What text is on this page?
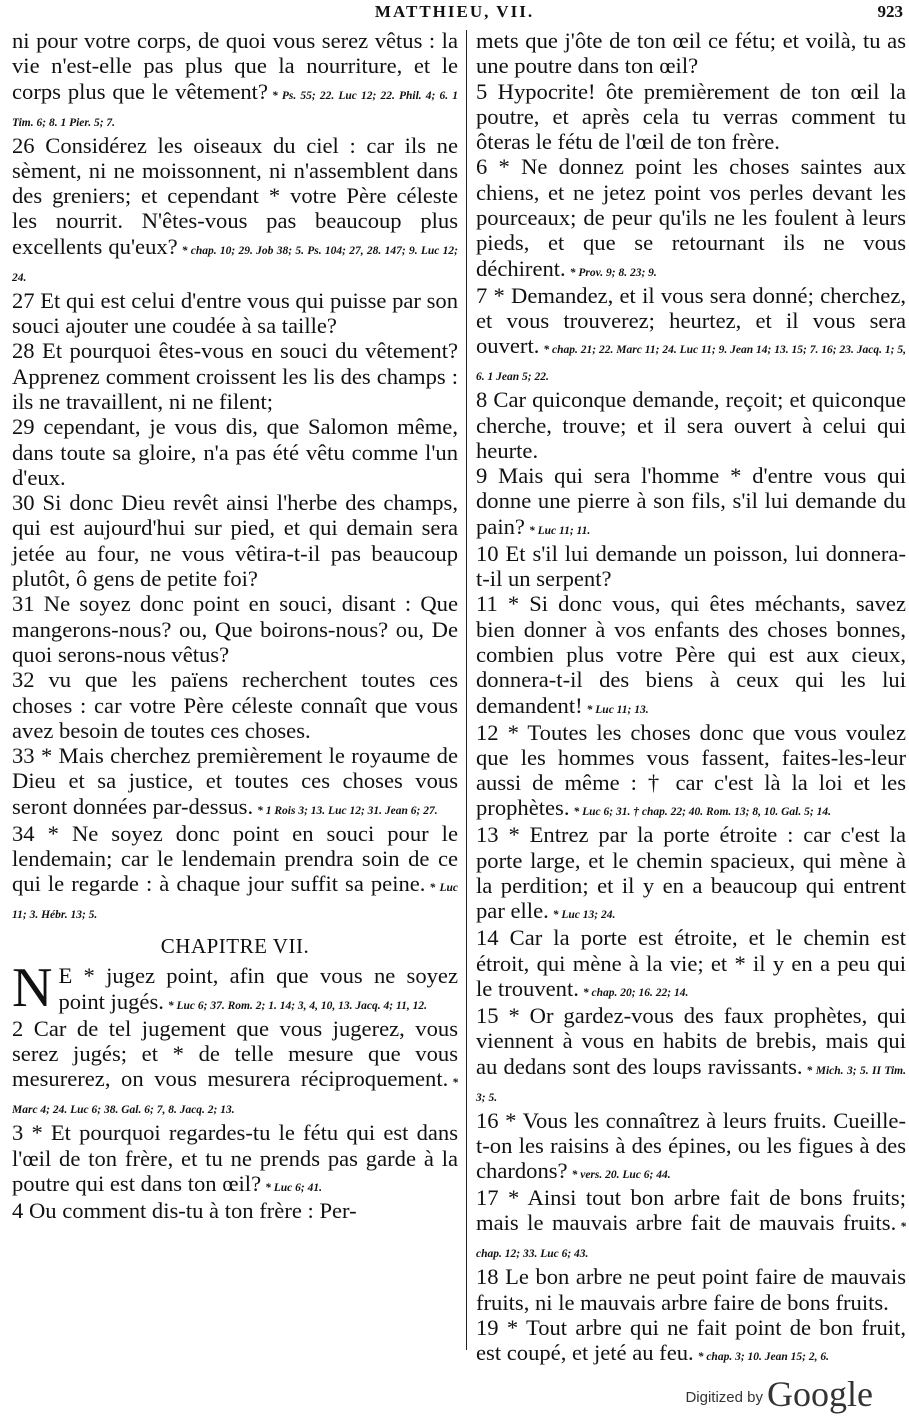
MATTHIEU, VII.	923

ni pour votre corps, de quoi vous serez vêtus : la vie n'est-elle pas plus que la nourriture, et le corps plus que le vêtement? * Ps. 55; 22. Luc 12; 22. Phil. 4; 6. 1 Tim. 6; 8. 1 Pier. 5; 7.

26 Considérez les oiseaux du ciel : car ils ne sèment, ni ne moissonnent, ni n'assemblent dans des greniers; et cependant * votre Père céleste les nourrit. N'êtes-vous pas beaucoup plus excellents qu'eux? * chap. 10; 29. Job 38; 5. Ps. 104; 27, 28. 147; 9. Luc 12; 24.

27 Et qui est celui d'entre vous qui puisse par son souci ajouter une coudée à sa taille?

28 Et pourquoi êtes-vous en souci du vêtement? Apprenez comment croissent les lis des champs : ils ne travaillent, ni ne filent;

29 cependant, je vous dis, que Salomon même, dans toute sa gloire, n'a pas été vêtu comme l'un d'eux.

30 Si donc Dieu revêt ainsi l'herbe des champs, qui est aujourd'hui sur pied, et qui demain sera jetée au four, ne vous vêtira-t-il pas beaucoup plutôt, ô gens de petite foi?

31 Ne soyez donc point en souci, disant : Que mangerons-nous? ou, Que boirons-nous? ou, De quoi serons-nous vêtus?

32 vu que les païens recherchent toutes ces choses : car votre Père céleste connaît que vous avez besoin de toutes ces choses.

33 * Mais cherchez premièrement le royaume de Dieu et sa justice, et toutes ces choses vous seront données par-dessus. * 1 Rois 3; 13. Luc 12; 31. Jean 6; 27.

34 * Ne soyez donc point en souci pour le lendemain; car le lendemain prendra soin de ce qui le regarde : à chaque jour suffit sa peine. * Luc 11; 3. Hébr. 13; 5.

CHAPITRE VII.

N E * jugez point, afin que vous ne soyez point jugés. * Luc 6; 37. Rom. 2; 1. 14; 3, 4, 10, 13. Jacq. 4; 11, 12.

2 Car de tel jugement que vous jugerez, vous serez jugés; et * de telle mesure que vous mesurerez, on vous mesurera réciproquement. * Marc 4; 24. Luc 6; 38. Gal. 6; 7, 8. Jacq. 2; 13.

3 * Et pourquoi regardes-tu le fétu qui est dans l'œil de ton frère, et tu ne prends pas garde à la poutre qui est dans ton œil? * Luc 6; 41.

4 Ou comment dis-tu à ton frère : Per-

mets que j'ôte de ton œil ce fétu; et voilà, tu as une poutre dans ton œil?

5 Hypocrite! ôte premièrement de ton œil la poutre, et après cela tu verras comment tu ôteras le fétu de l'œil de ton frère.

6 * Ne donnez point les choses saintes aux chiens, et ne jetez point vos perles devant les pourceaux; de peur qu'ils ne les foulent à leurs pieds, et que se retournant ils ne vous déchirent. * Prov. 9; 8. 23; 9.

7 * Demandez, et il vous sera donné; cherchez, et vous trouverez; heurtez, et il vous sera ouvert. * chap. 21; 22. Marc 11; 24. Luc 11; 9. Jean 14; 13. 15; 7. 16; 23. Jacq. 1; 5, 6. 1 Jean 5; 22.

8 Car quiconque demande, reçoit; et quiconque cherche, trouve; et il sera ouvert à celui qui heurte.

9 Mais qui sera l'homme * d'entre vous qui donne une pierre à son fils, s'il lui demande du pain? * Luc 11; 11.

10 Et s'il lui demande un poisson, lui donnera-t-il un serpent?

11 * Si donc vous, qui êtes méchants, savez bien donner à vos enfants des choses bonnes, combien plus votre Père qui est aux cieux, donnera-t-il des biens à ceux qui les lui demandent! * Luc 11; 13.

12 * Toutes les choses donc que vous voulez que les hommes vous fassent, faites-les-leur aussi de même : † car c'est là la loi et les prophètes. * Luc 6; 31. † chap. 22; 40. Rom. 13; 8, 10. Gal. 5; 14.

13 * Entrez par la porte étroite : car c'est la porte large, et le chemin spacieux, qui mène à la perdition; et il y en a beaucoup qui entrent par elle. * Luc 13; 24.

14 Car la porte est étroite, et le chemin est étroit, qui mène à la vie; et * il y en a peu qui le trouvent. * chap. 20; 16. 22; 14.

15 * Or gardez-vous des faux prophètes, qui viennent à vous en habits de brebis, mais qui au dedans sont des loups ravissants. * Mich. 3; 5. II Tim. 3; 5.

16 * Vous les connaîtrez à leurs fruits. Cueille-t-on les raisins à des épines, ou les figues à des chardons? * vers. 20. Luc 6; 44.

17 * Ainsi tout bon arbre fait de bons fruits; mais le mauvais arbre fait de mauvais fruits. * chap. 12; 33. Luc 6; 43.

18 Le bon arbre ne peut point faire de mauvais fruits, ni le mauvais arbre faire de bons fruits.

19 * Tout arbre qui ne fait point de bon fruit, est coupé, et jeté au feu. * chap. 3; 10. Jean 15; 2, 6.

Digitized by Google
